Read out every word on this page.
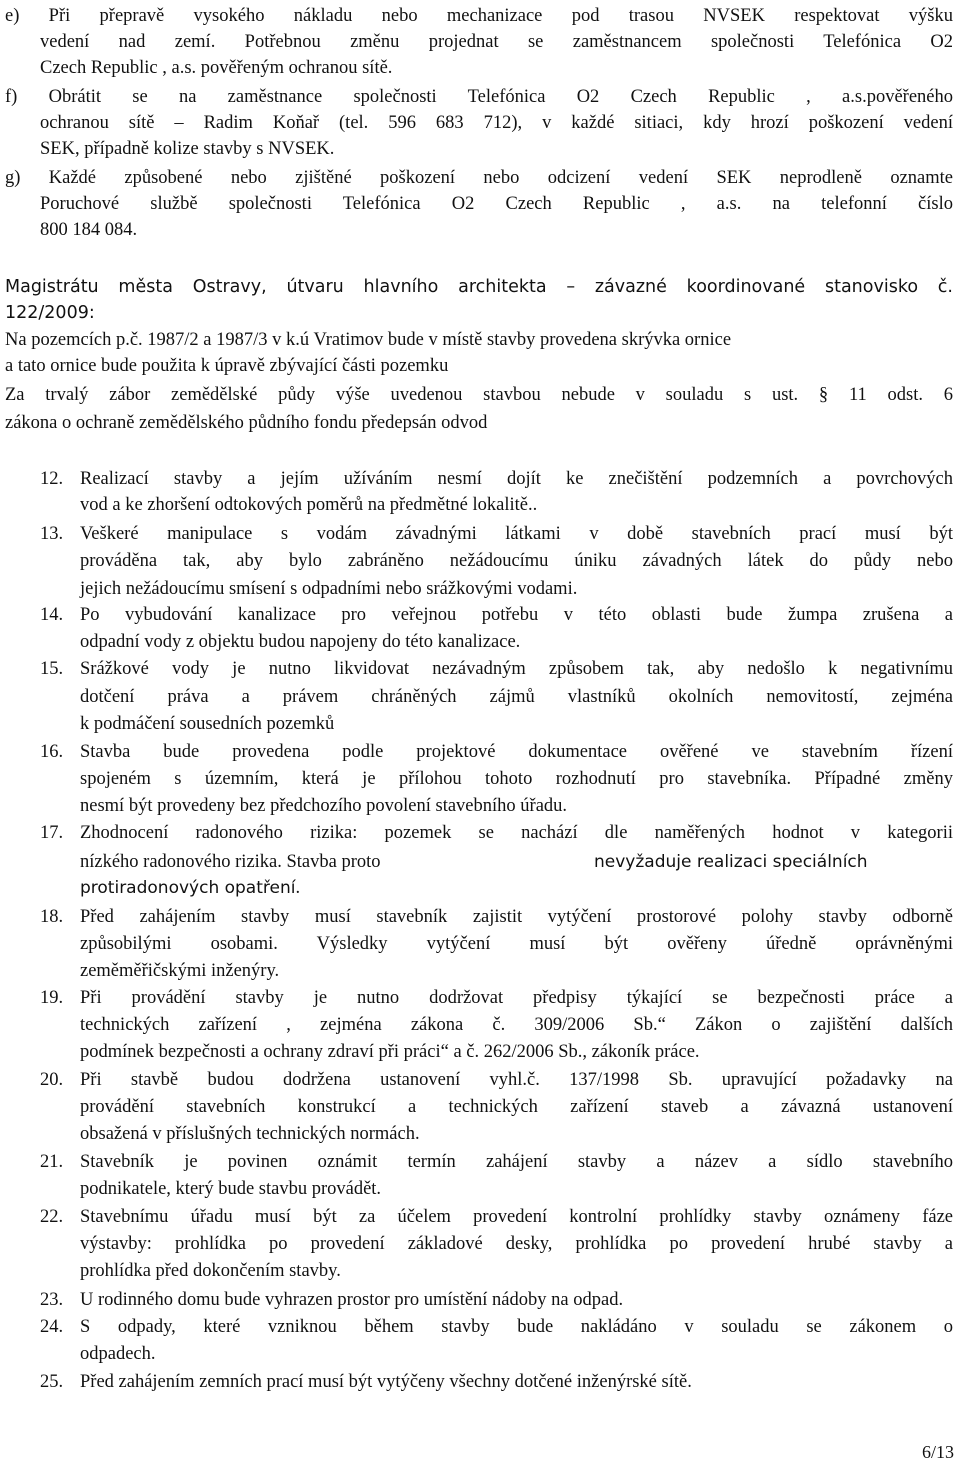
e) Při přepravě vysokého nákladu nebo mechanizace pod trasou NVSEK respektovat výšku
vedení nad zemí. Potřebnou změnu projednat se zaměstnancem společnosti Telefónica O2
Czech Republic , a.s. pověřeným ochranou sítě.
f) Obrátit se na zaměstnance společnosti Telefónica O2 Czech Republic , a.s.pověřeného
ochranou sítě – Radim Koňař (tel. 596 683 712), v každé sitiaci, kdy hrozí poškození vedení
SEK, případně kolize stavby s NVSEK.
g) Každé způsobené nebo zjištěné poškození nebo odcizení vedení SEK neprodleně oznamte
Poruchové službě společnosti Telefónica O2 Czech Republic , a.s. na telefonní číslo
800 184 084.
Magistrátu města Ostravy, útvaru hlavního architekta – závazné koordinované stanovisko č.
122/2009:
Na pozemcích p.č. 1987/2 a 1987/3 v k.ú Vratimov bude v místě stavby provedena skrývka ornice
a tato ornice bude použita k úpravě zbývající části pozemku
Za trvalý zábor zemědělské půdy výše uvedenou stavbou nebude v souladu s ust. § 11 odst. 6
zákona o ochraně zemědělského půdního fondu předepsán odvod
12. Realizací stavby a jejím užíváním nesmí dojít ke znečištění podzemních a povrchových
vod a ke zhoršení odtokových poměrů na předmětné lokalitě..
13. Veškeré manipulace s vodám závadnými látkami v době stavebních prací musí být
prováděna tak, aby bylo zabráněno nežádoucímu úniku závadných látek do půdy nebo
jejich nežádoucímu smísení s odpadními nebo srážkovými vodami.
14. Po vybudování kanalizace pro veřejnou potřebu v této oblasti bude žumpa zrušena a
odpadní vody z objektu budou napojeny do této kanalizace.
15. Srážkové vody je nutno likvidovat nezávadným způsobem tak, aby nedošlo k negativnímu
dotčení práva a právem chráněných zájmů vlastníků okolních nemovitostí, zejména
k podmáčení sousedních pozemků
16. Stavba bude provedena podle projektové dokumentace ověřené ve stavebním řízení
spojeném s územním, která je přílohou tohoto rozhodnutí pro stavebníka. Případné změny
nesmí být provedeny bez předchozího povolení stavebního úřadu.
17. Zhodnocení radonového rizika: pozemek se nachází dle naměřených hodnot v kategorii
nízkého radonového rizika. Stavba proto	nevyžaduje realizaci speciálních
protiradonových opatření.
18. Před zahájením stavby musí stavebník zajistit vytýčení prostorové polohy stavby odborně
způsobilými osobami. Výsledky vytýčení musí být ověřeny úředně oprávněnými
zeměměřičskými inženýry.
19. Při provádění stavby je nutno dodržovat předpisy týkající se bezpečnosti práce a
technických zařízení , zejména zákona č. 309/2006 Sb.“ Zákon o zajištění dalších
podmínek bezpečnosti a ochrany zdraví při práci“ a č. 262/2006 Sb., zákoník práce.
20. Při stavbě budou dodržena ustanovení vyhl.č. 137/1998 Sb. upravující požadavky na
provádění stavebních konstrukcí a technických zařízení staveb a závazná ustanovení
obsažená v příslušných technických normách.
21. Stavebník je povinen oznámit termín zahájení stavby a název a sídlo stavebního
podnikatele, který bude stavbu provádět.
22. Stavebnímu úřadu musí být za účelem provedení kontrolní prohlídky stavby oznámeny fáze
výstavby: prohlídka po provedení základové desky, prohlídka po provedení hrubé stavby a
prohlídka před dokončením stavby.
23. U rodinného domu bude vyhrazen prostor pro umístění nádoby na odpad.
24. S odpady, které vzniknou během stavby bude nakládáno v souladu se zákonem o
odpadech.
25. Před zahájením zemních prací musí být vytýčeny všechny dotčené inženýrské sítě.
6/13
